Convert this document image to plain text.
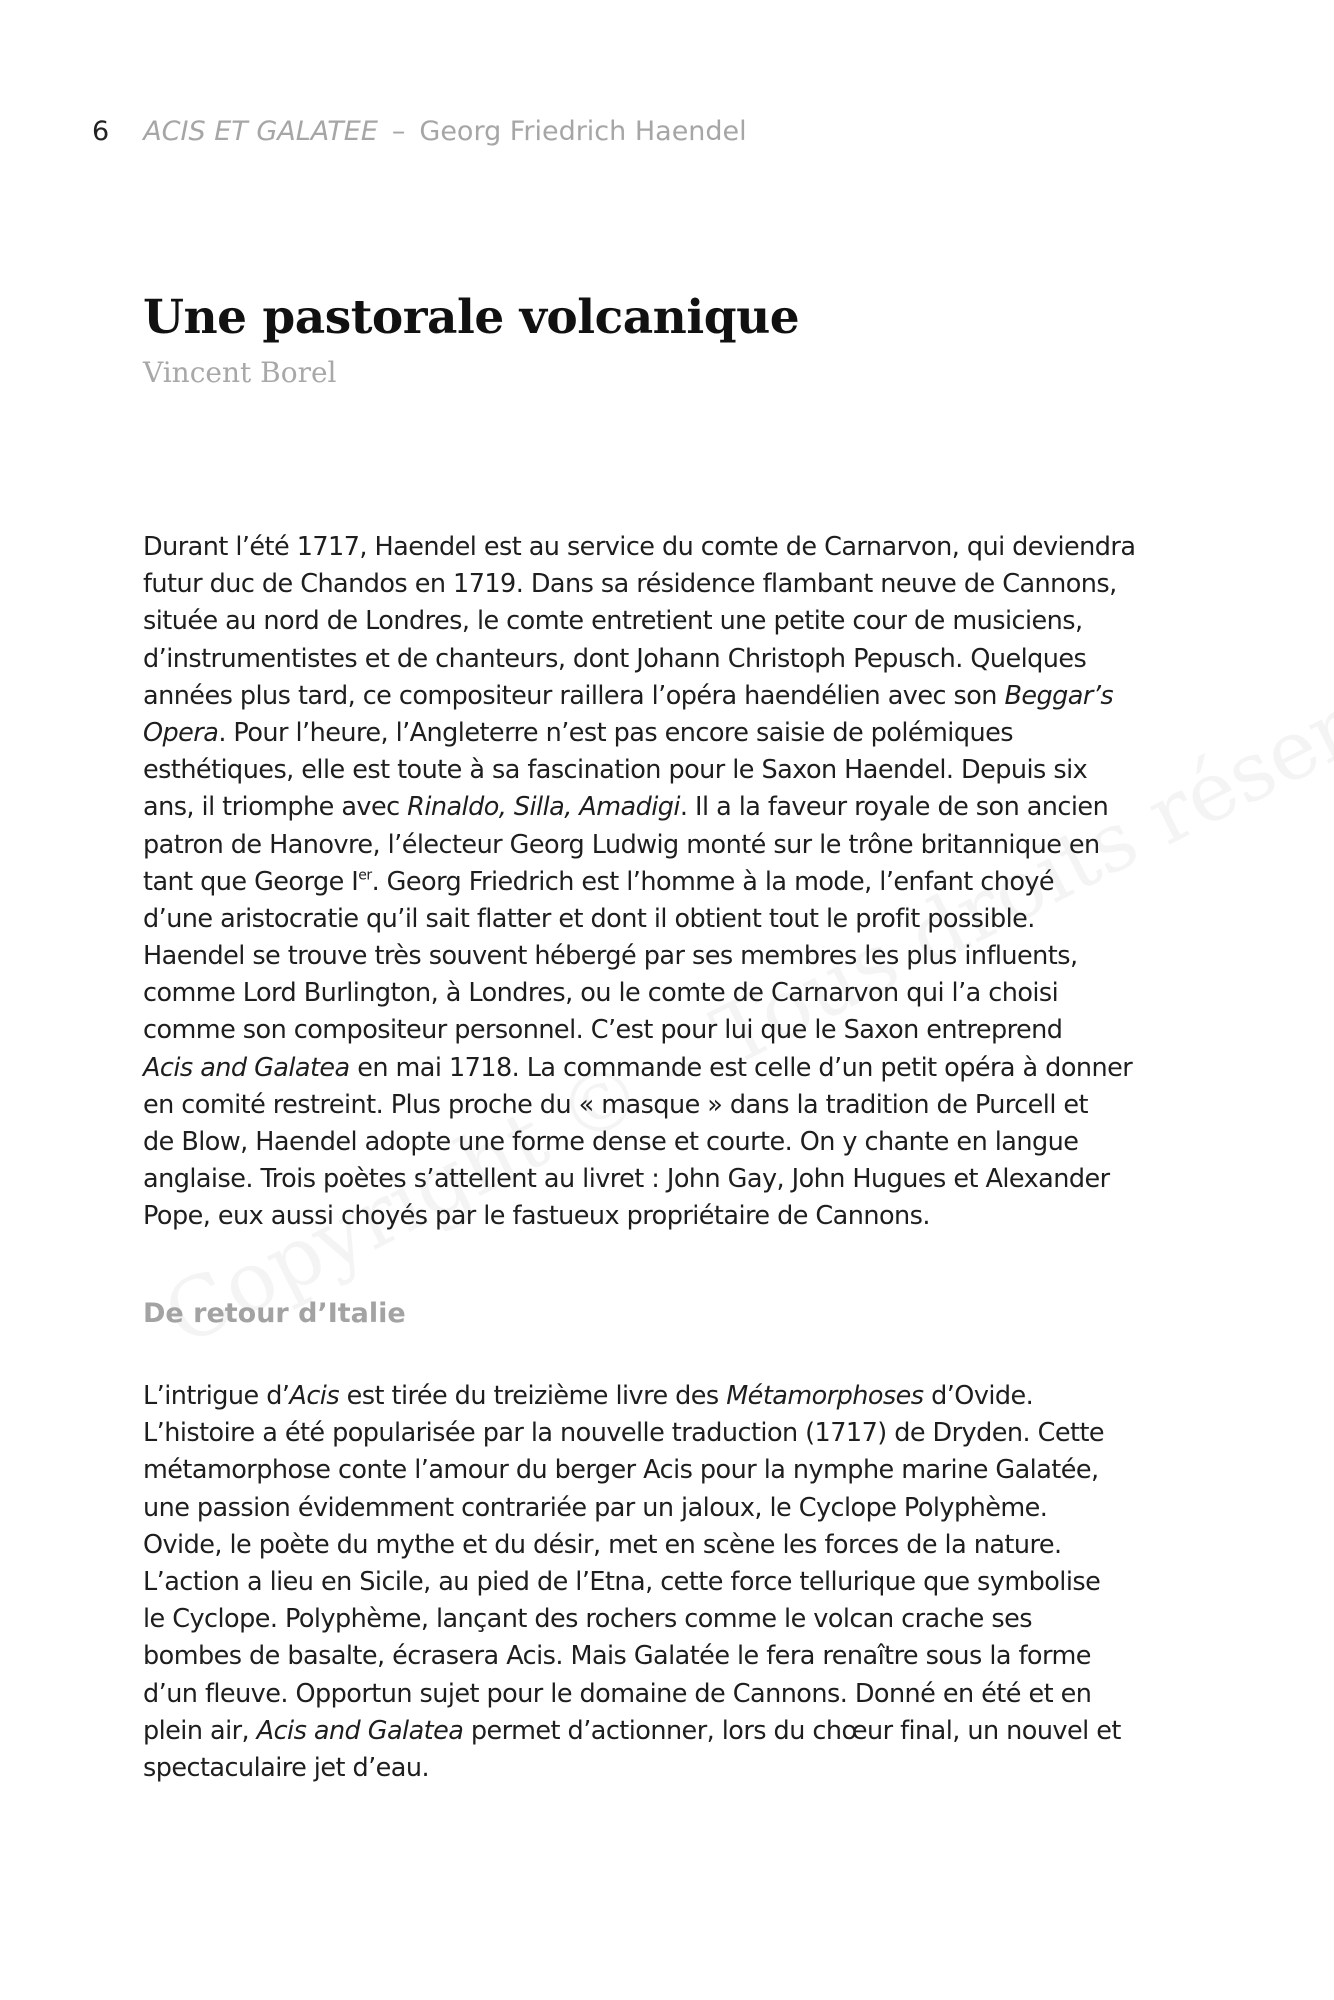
6 ACIS ET GALATEE – Georg Friedrich Haendel
Une pastorale volcanique
Vincent Borel
Durant l’été 1717, Haendel est au service du comte de Carnarvon, qui deviendra
futur duc de Chandos en 1719. Dans sa résidence flambant neuve de Cannons,
située au nord de Londres, le comte entretient une petite cour de musiciens,
d’instrumentistes et de chanteurs, dont Johann Christoph Pepusch. Quelques
années plus tard, ce compositeur raillera l’opéra haendélien avec son Beggar’s
Opera. Pour l’heure, l’Angleterre n’est pas encore saisie de polémiques
esthétiques, elle est toute à sa fascination pour le Saxon Haendel. Depuis six
ans, il triomphe avec Rinaldo, Silla, Amadigi. Il a la faveur royale de son ancien
patron de Hanovre, l’électeur Georg Ludwig monté sur le trône britannique en
tant que George Ier. Georg Friedrich est l’homme à la mode, l’enfant choyé
d’une aristocratie qu’il sait flatter et dont il obtient tout le profit possible.
Haendel se trouve très souvent hébergé par ses membres les plus influents,
comme Lord Burlington, à Londres, ou le comte de Carnarvon qui l’a choisi
comme son compositeur personnel. C’est pour lui que le Saxon entreprend
Acis and Galatea en mai 1718. La commande est celle d’un petit opéra à donner
en comité restreint. Plus proche du « masque » dans la tradition de Purcell et
de Blow, Haendel adopte une forme dense et courte. On y chante en langue
anglaise. Trois poètes s’attellent au livret : John Gay, John Hugues et Alexander
Pope, eux aussi choyés par le fastueux propriétaire de Cannons.
De retour d’Italie
L’intrigue d’Acis est tirée du treizième livre des Métamorphoses d’Ovide.
L’histoire a été popularisée par la nouvelle traduction (1717) de Dryden. Cette
métamorphose conte l’amour du berger Acis pour la nymphe marine Galatée,
une passion évidemment contrariée par un jaloux, le Cyclope Polyphème.
Ovide, le poète du mythe et du désir, met en scène les forces de la nature.
L’action a lieu en Sicile, au pied de l’Etna, cette force tellurique que symbolise
le Cyclope. Polyphème, lançant des rochers comme le volcan crache ses
bombes de basalte, écrasera Acis. Mais Galatée le fera renaître sous la forme
d’un fleuve. Opportun sujet pour le domaine de Cannons. Donné en été et en
plein air, Acis and Galatea permet d’actionner, lors du chœur final, un nouvel et
spectaculaire jet d’eau.
